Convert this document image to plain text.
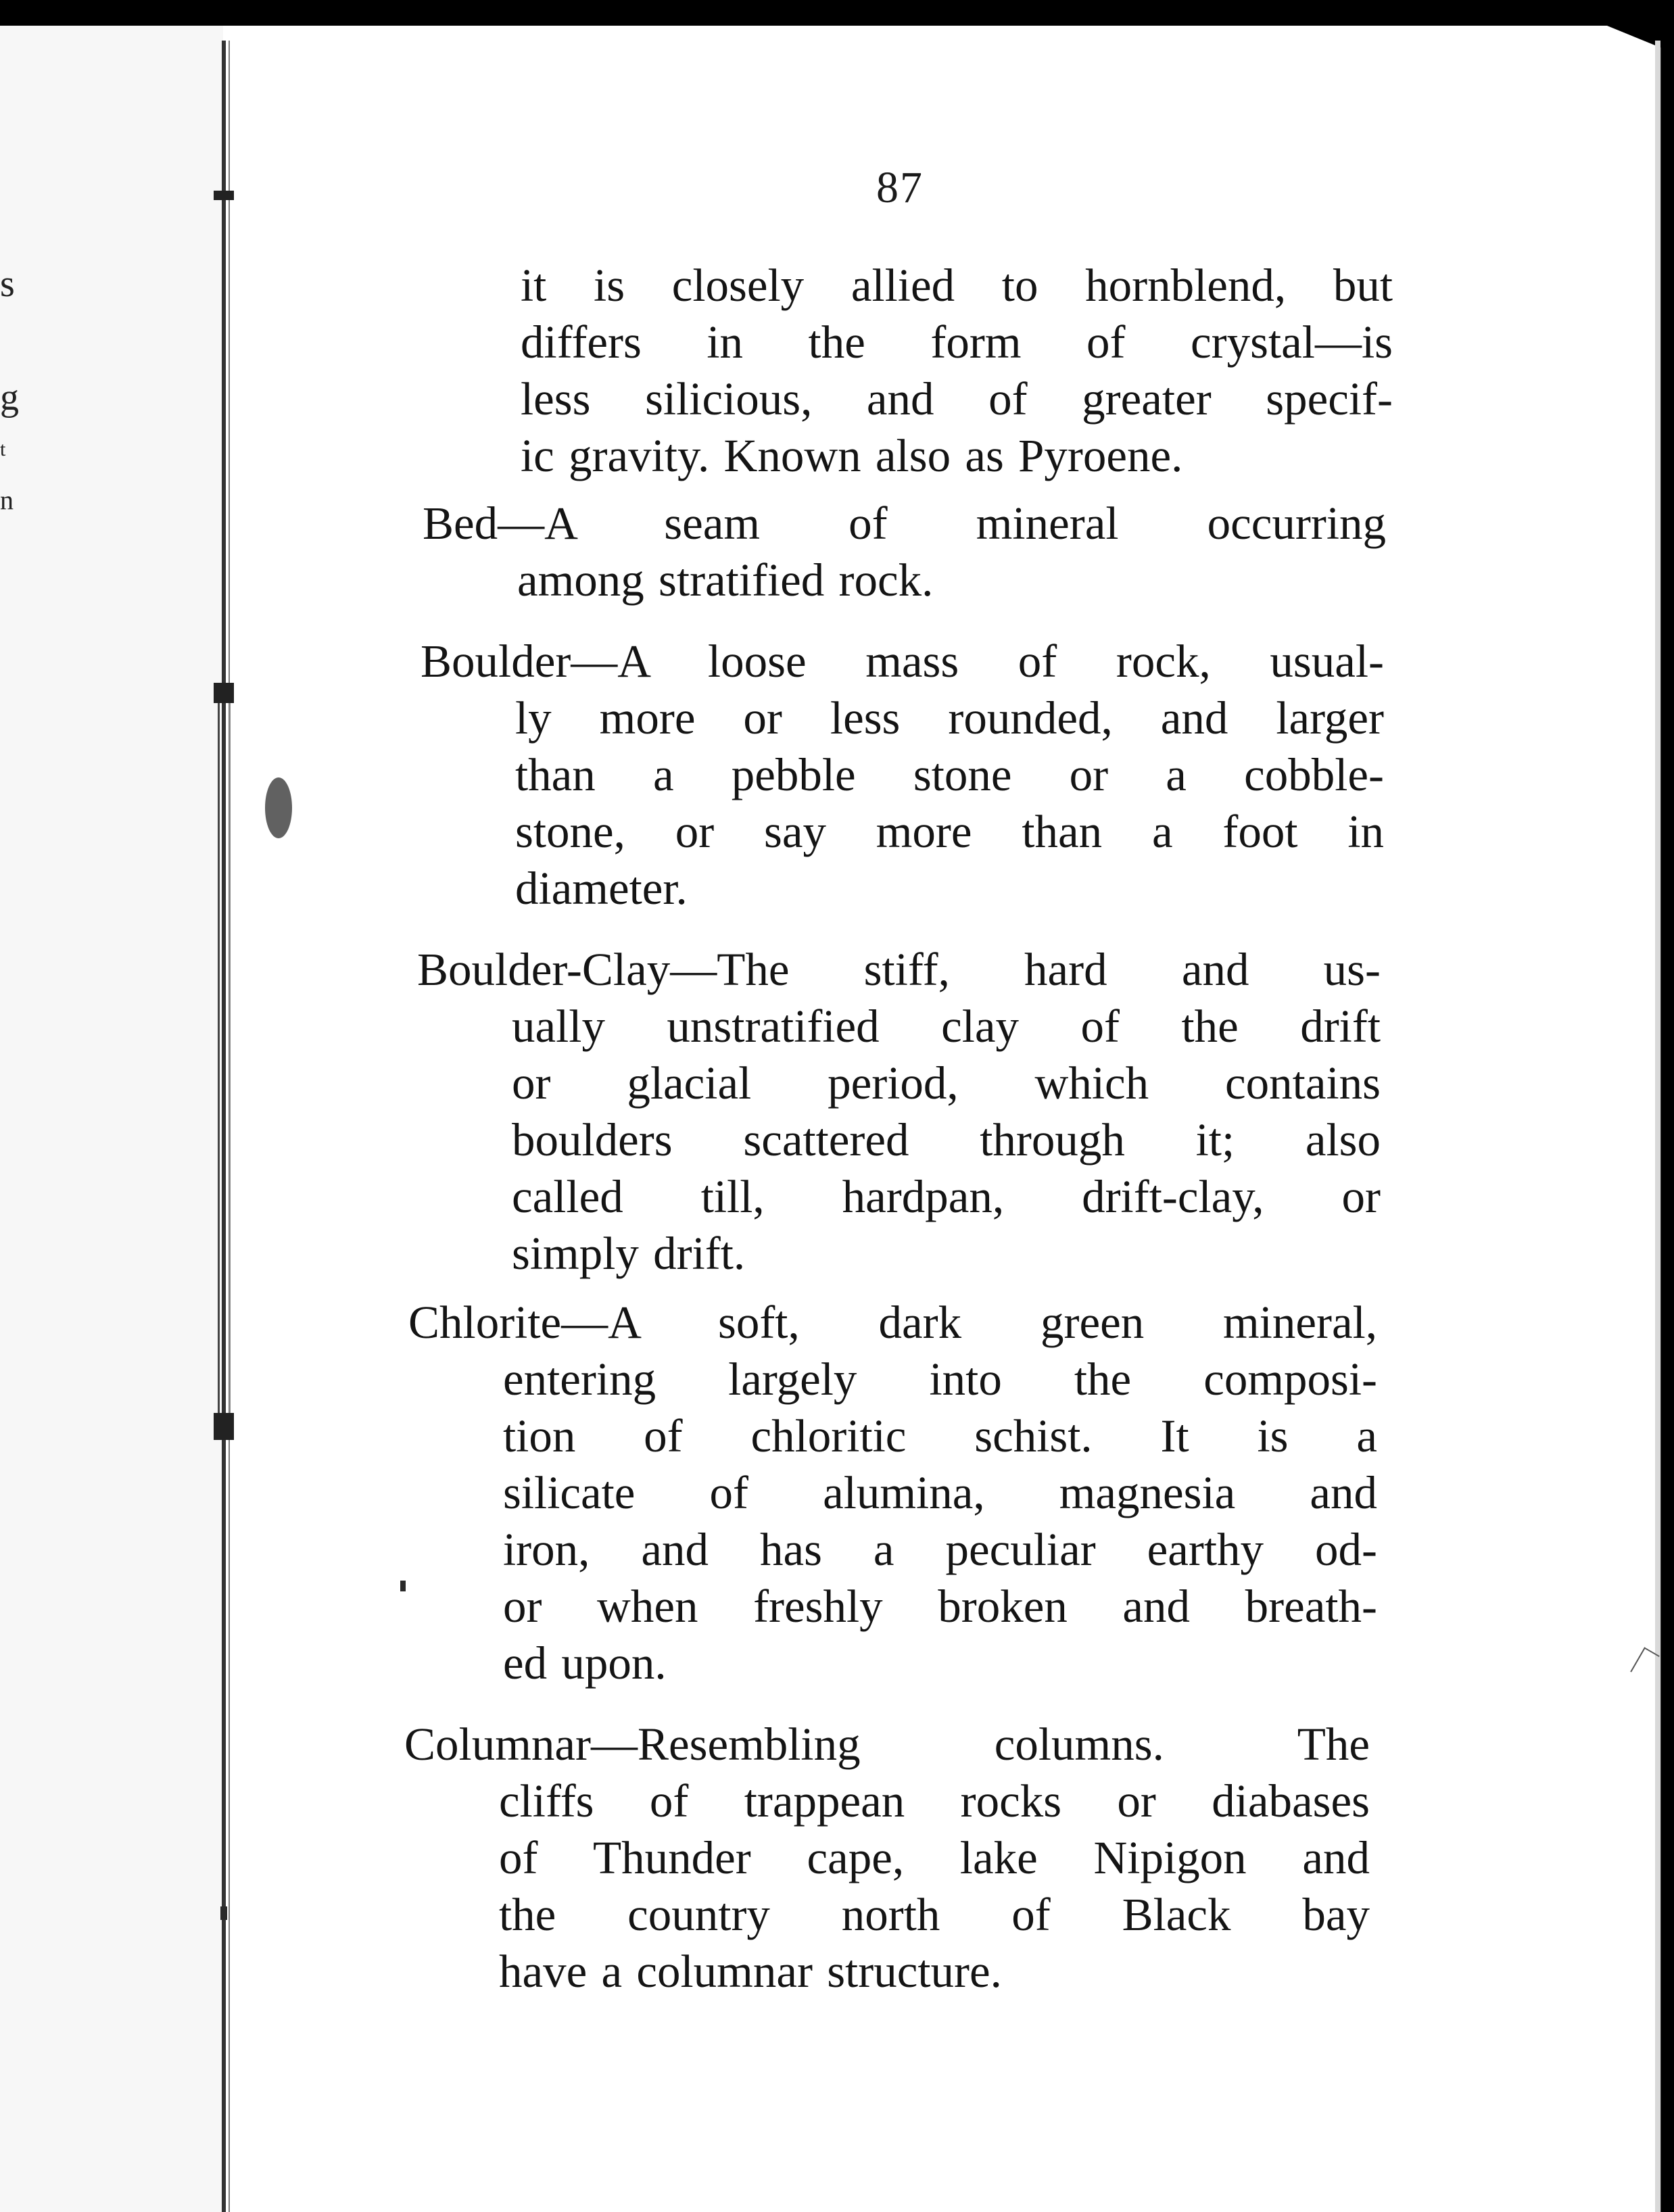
s
g
t
n
87
it is closely allied to hornblend, but
differs in the form of crystal—is
less silicious, and of greater specif-
ic gravity. Known also as Pyroene.
Bed—A seam of mineral occurring
among stratified rock.
Boulder—A loose mass of rock, usual-
ly more or less rounded, and larger
than a pebble stone or a cobble-
stone, or say more than a foot in
diameter.
Boulder-Clay—The stiff, hard and us-
ually unstratified clay of the drift
or glacial period, which contains
boulders scattered through it; also
called till, hardpan, drift-clay, or
simply drift.
Chlorite—A soft, dark green mineral,
entering largely into the composi-
tion of chloritic schist. It is a
silicate of alumina, magnesia and
iron, and has a peculiar earthy od-
or when freshly broken and breath-
ed upon.
Columnar—Resembling columns. The
cliffs of trappean rocks or diabases
of Thunder cape, lake Nipigon and
the country north of Black bay
have a columnar structure.
